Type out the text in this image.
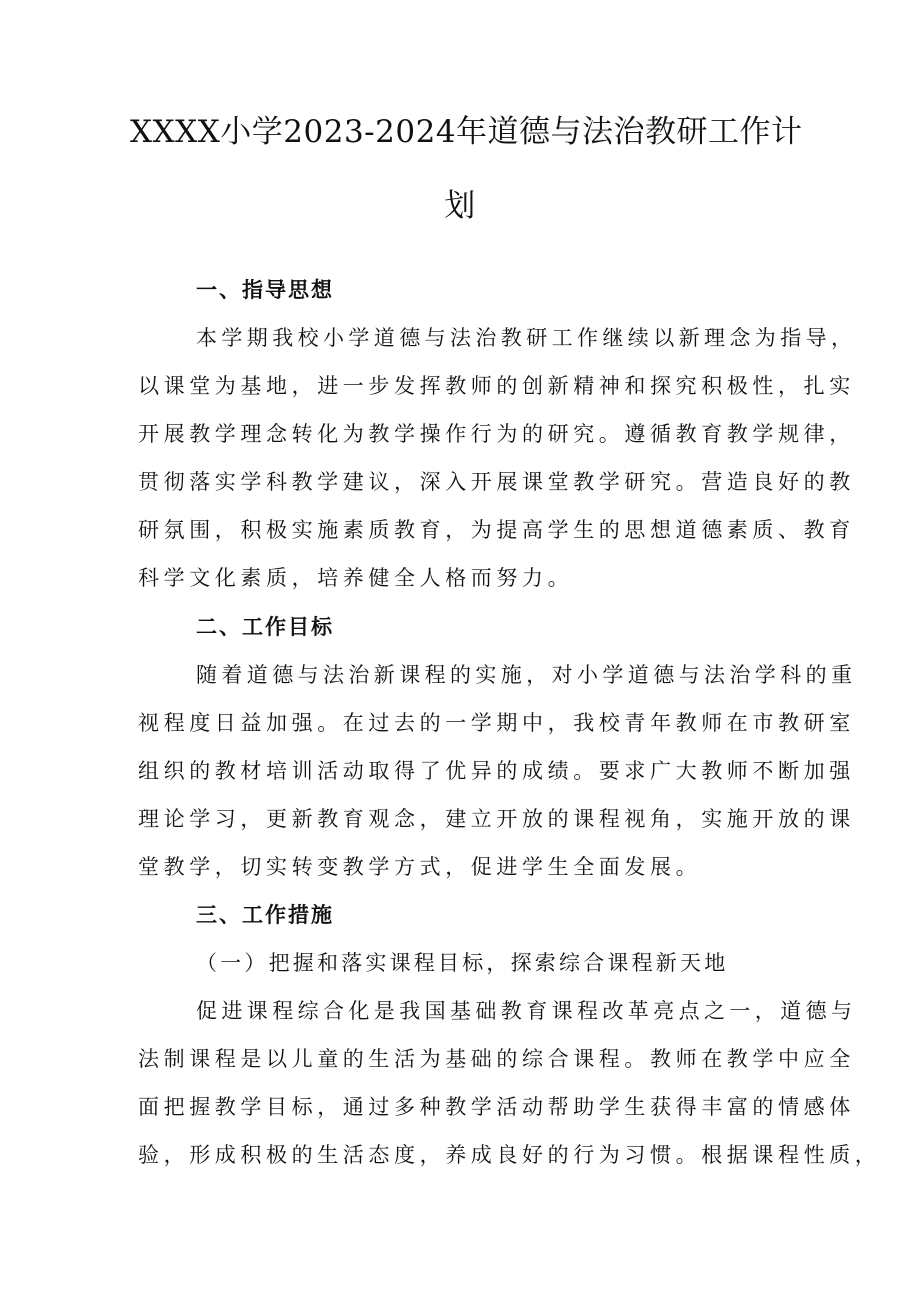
XXXX小学2023-2024年道德与法治教研工作计
划
一、指导思想
本学期我校小学道德与法治教研工作继续以新理念为指导，
以课堂为基地，进一步发挥教师的创新精神和探究积极性，扎实
开展教学理念转化为教学操作行为的研究。遵循教育教学规律，
贯彻落实学科教学建议，深入开展课堂教学研究。营造良好的教
研氛围，积极实施素质教育，为提高学生的思想道德素质、教育
科学文化素质，培养健全人格而努力。
二、工作目标
随着道德与法治新课程的实施，对小学道德与法治学科的重
视程度日益加强。在过去的一学期中，我校青年教师在市教研室
组织的教材培训活动取得了优异的成绩。要求广大教师不断加强
理论学习，更新教育观念，建立开放的课程视角，实施开放的课
堂教学，切实转变教学方式，促进学生全面发展。
三、工作措施
（一）把握和落实课程目标，探索综合课程新天地
促进课程综合化是我国基础教育课程改革亮点之一，道德与
法制课程是以儿童的生活为基础的综合课程。教师在教学中应全
面把握教学目标，通过多种教学活动帮助学生获得丰富的情感体
验，形成积极的生活态度，养成良好的行为习惯。根据课程性质，
